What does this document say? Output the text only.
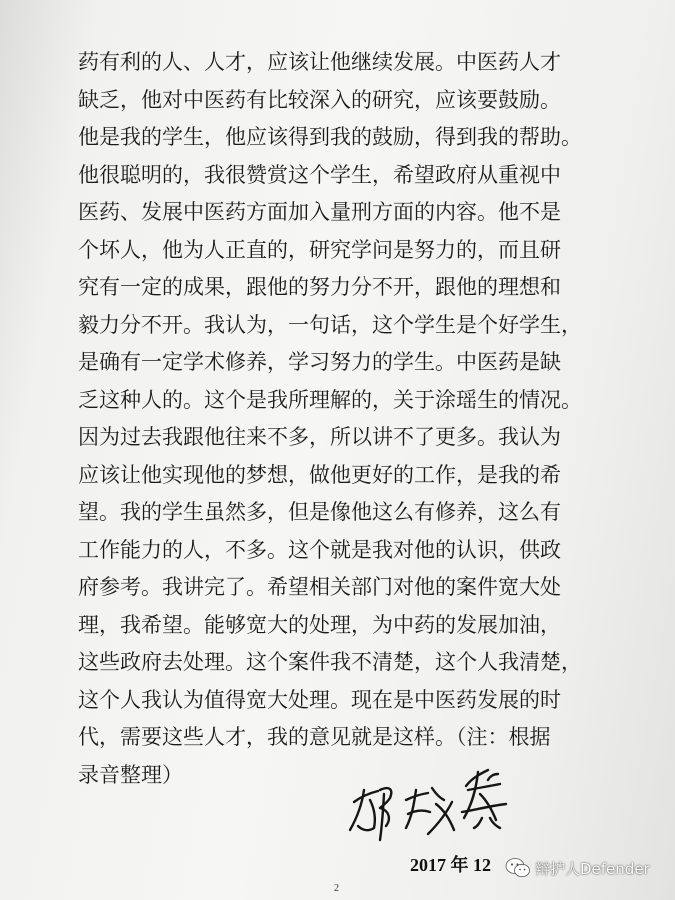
药有利的人、人才，应该让他继续发展。中医药人才
缺乏，他对中医药有比较深入的研究，应该要鼓励。
他是我的学生，他应该得到我的鼓励，得到我的帮助。
他很聪明的，我很赞赏这个学生，希望政府从重视中
医药、发展中医药方面加入量刑方面的内容。他不是
个坏人，他为人正直的，研究学问是努力的，而且研
究有一定的成果，跟他的努力分不开，跟他的理想和
毅力分不开。我认为，一句话，这个学生是个好学生，
是确有一定学术修养，学习努力的学生。中医药是缺
乏这种人的。这个是我所理解的，关于涂瑶生的情况。
因为过去我跟他往来不多，所以讲不了更多。我认为
应该让他实现他的梦想，做他更好的工作，是我的希
望。我的学生虽然多，但是像他这么有修养，这么有
工作能力的人，不多。这个就是我对他的认识，供政
府参考。我讲完了。希望相关部门对他的案件宽大处
理，我希望。能够宽大的处理，为中药的发展加油，
这些政府去处理。这个案件我不清楚，这个人我清楚，
这个人我认为值得宽大处理。现在是中医药发展的时
代，需要这些人才，我的意见就是这样。（注：根据
录音整理）
2017 年 12
2
辩护人Defender
